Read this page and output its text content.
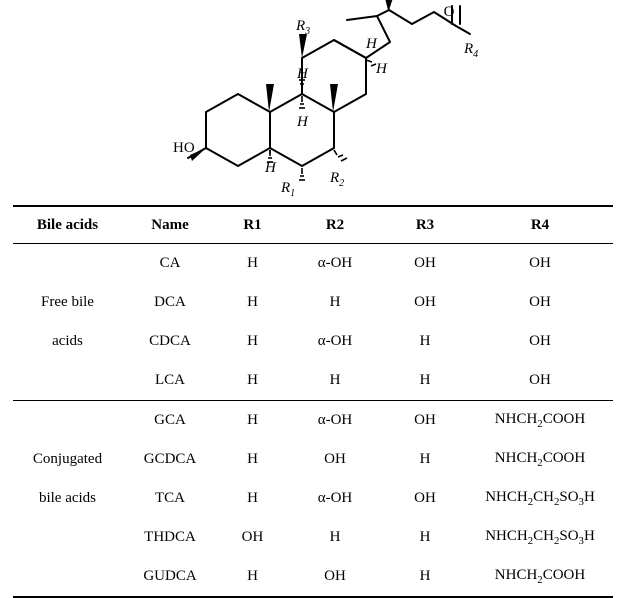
O
HO
$R_3$
$R_2$
$R_1$
$R_4$
H
H
H
H
H
Bile acids	Name	R1	R2	R3	R4
	CA	H	α-OH	OH	OH
Free bile	DCA	H	H	OH	OH
acids	CDCA	H	α-OH	H	OH
	LCA	H	H	H	OH
	GCA	H	α-OH	OH	$NHCH_2COOH$
Conjugated	GCDCA	H	OH	H	$NHCH_2COOH$
bile acids	TCA	H	α-OH	OH	$NHCH_2CH_2SO_3H$
	THDCA	OH	H	H	$NHCH_2CH_2SO_3H$
	GUDCA	H	OH	H	$NHCH_2COOH$
